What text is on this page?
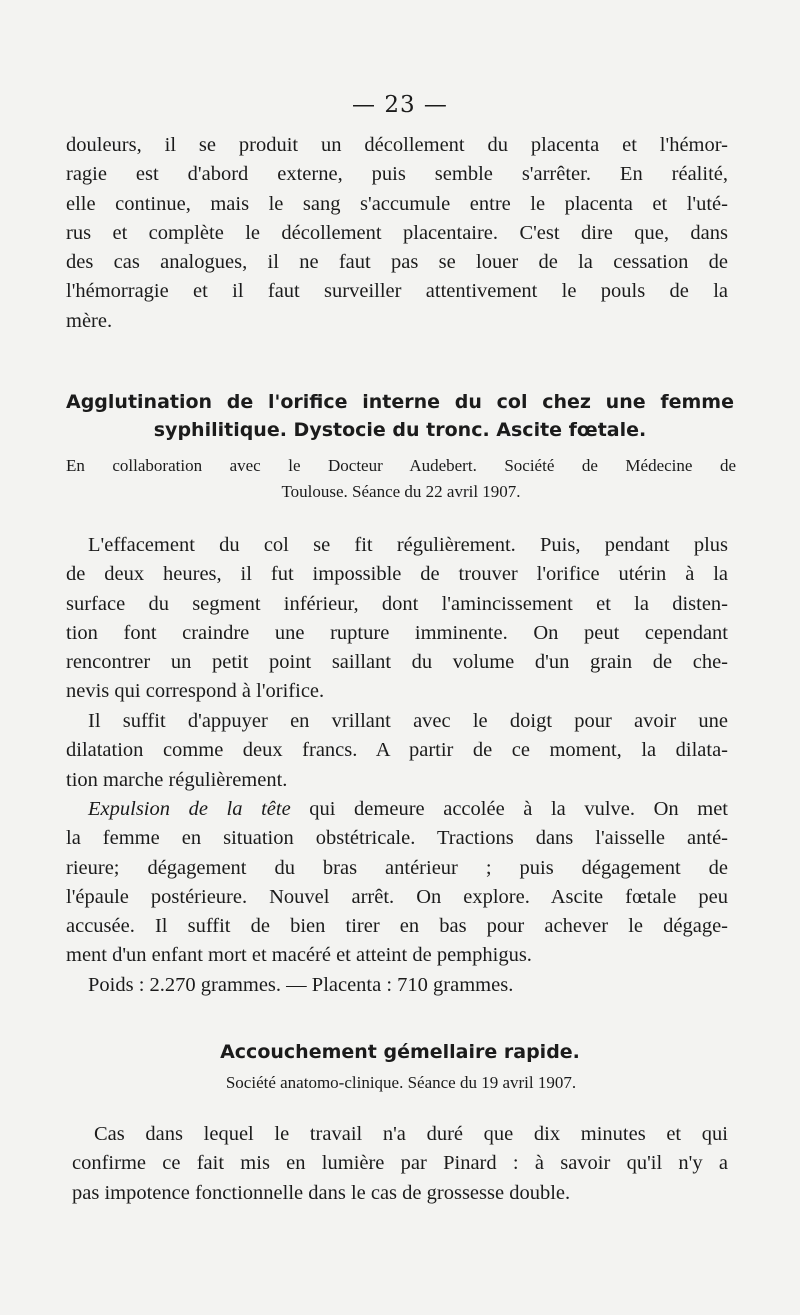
— 23 —
douleurs, il se produit un décollement du placenta et l'hémor-
ragie est d'abord externe, puis semble s'arrêter. En réalité,
elle continue, mais le sang s'accumule entre le placenta et l'uté-
rus et complète le décollement placentaire. C'est dire que, dans
des cas analogues, il ne faut pas se louer de la cessation de
l'hémorragie et il faut surveiller attentivement le pouls de la
mère.
Agglutination de l'orifice interne du col chez une femme
syphilitique. Dystocie du tronc. Ascite fœtale.
En collaboration avec le Docteur Audebert. Société de Médecine de
Toulouse. Séance du 22 avril 1907.
L'effacement du col se fit régulièrement. Puis, pendant plus
de deux heures, il fut impossible de trouver l'orifice utérin à la
surface du segment inférieur, dont l'amincissement et la disten-
tion font craindre une rupture imminente. On peut cependant
rencontrer un petit point saillant du volume d'un grain de che-
nevis qui correspond à l'orifice.
Il suffit d'appuyer en vrillant avec le doigt pour avoir une
dilatation comme deux francs. A partir de ce moment, la dilata-
tion marche régulièrement.
Expulsion de la tête qui demeure accolée à la vulve. On met
la femme en situation obstétricale. Tractions dans l'aisselle anté-
rieure; dégagement du bras antérieur ; puis dégagement de
l'épaule postérieure. Nouvel arrêt. On explore. Ascite fœtale peu
accusée. Il suffit de bien tirer en bas pour achever le dégage-
ment d'un enfant mort et macéré et atteint de pemphigus.
Poids : 2.270 grammes. — Placenta : 710 grammes.
Accouchement gémellaire rapide.
Société anatomo-clinique. Séance du 19 avril 1907.
Cas dans lequel le travail n'a duré que dix minutes et qui
confirme ce fait mis en lumière par Pinard : à savoir qu'il n'y a
pas impotence fonctionnelle dans le cas de grossesse double.
